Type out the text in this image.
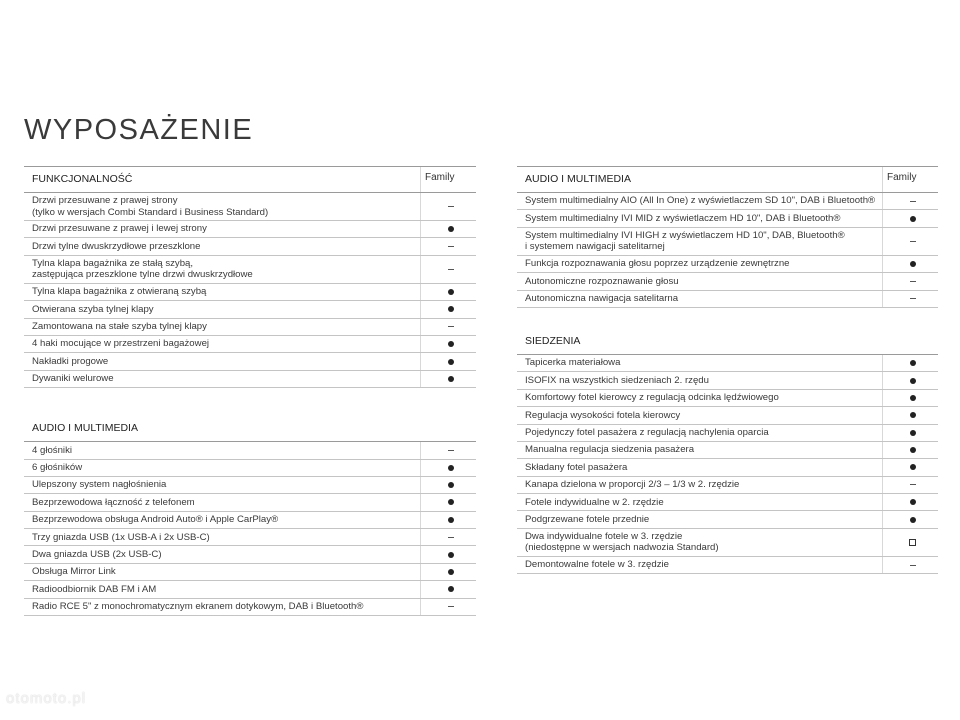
WYPOSAŻENIE
FUNKCJONALNOŚĆ	Family
Drzwi przesuwane z prawej strony
(tylko w wersjach Combi Standard i Business Standard)
Drzwi przesuwane z prawej i lewej strony
Drzwi tylne dwuskrzydłowe przeszklone
Tylna klapa bagażnika ze stałą szybą,
zastępująca przeszklone tylne drzwi dwuskrzydłowe
Tylna klapa bagażnika z otwieraną szybą
Otwierana szyba tylnej klapy
Zamontowana na stałe szyba tylnej klapy
4 haki mocujące w przestrzeni bagażowej
Nakładki progowe
Dywaniki welurowe
AUDIO I MULTIMEDIA
4 głośniki
6 głośników
Ulepszony system nagłośnienia
Bezprzewodowa łączność z telefonem
Bezprzewodowa obsługa Android Auto® i Apple CarPlay®
Trzy gniazda USB (1x USB-A i 2x USB-C)
Dwa gniazda USB (2x USB-C)
Obsługa Mirror Link
Radioodbiornik DAB FM i AM
Radio RCE 5" z monochromatycznym ekranem dotykowym, DAB i Bluetooth®
AUDIO I MULTIMEDIA	Family
System multimedialny AIO (All In One) z wyświetlaczem SD 10", DAB i Bluetooth®
System multimedialny IVI MID z wyświetlaczem HD 10", DAB i Bluetooth®
System multimedialny IVI HIGH z wyświetlaczem HD 10", DAB, Bluetooth®
i systemem nawigacji satelitarnej
Funkcja rozpoznawania głosu poprzez urządzenie zewnętrzne
Autonomiczne rozpoznawanie głosu
Autonomiczna nawigacja satelitarna
SIEDZENIA
Tapicerka materiałowa
ISOFIX na wszystkich siedzeniach 2. rzędu
Komfortowy fotel kierowcy z regulacją odcinka lędźwiowego
Regulacja wysokości fotela kierowcy
Pojedynczy fotel pasażera z regulacją nachylenia oparcia
Manualna regulacja siedzenia pasażera
Składany fotel pasażera
Kanapa dzielona w proporcji 2/3 – 1/3 w 2. rzędzie
Fotele indywidualne w 2. rzędzie
Podgrzewane fotele przednie
Dwa indywidualne fotele w 3. rzędzie
(niedostępne w wersjach nadwozia Standard)
Demontowalne fotele w 3. rzędzie
otomoto.pl
